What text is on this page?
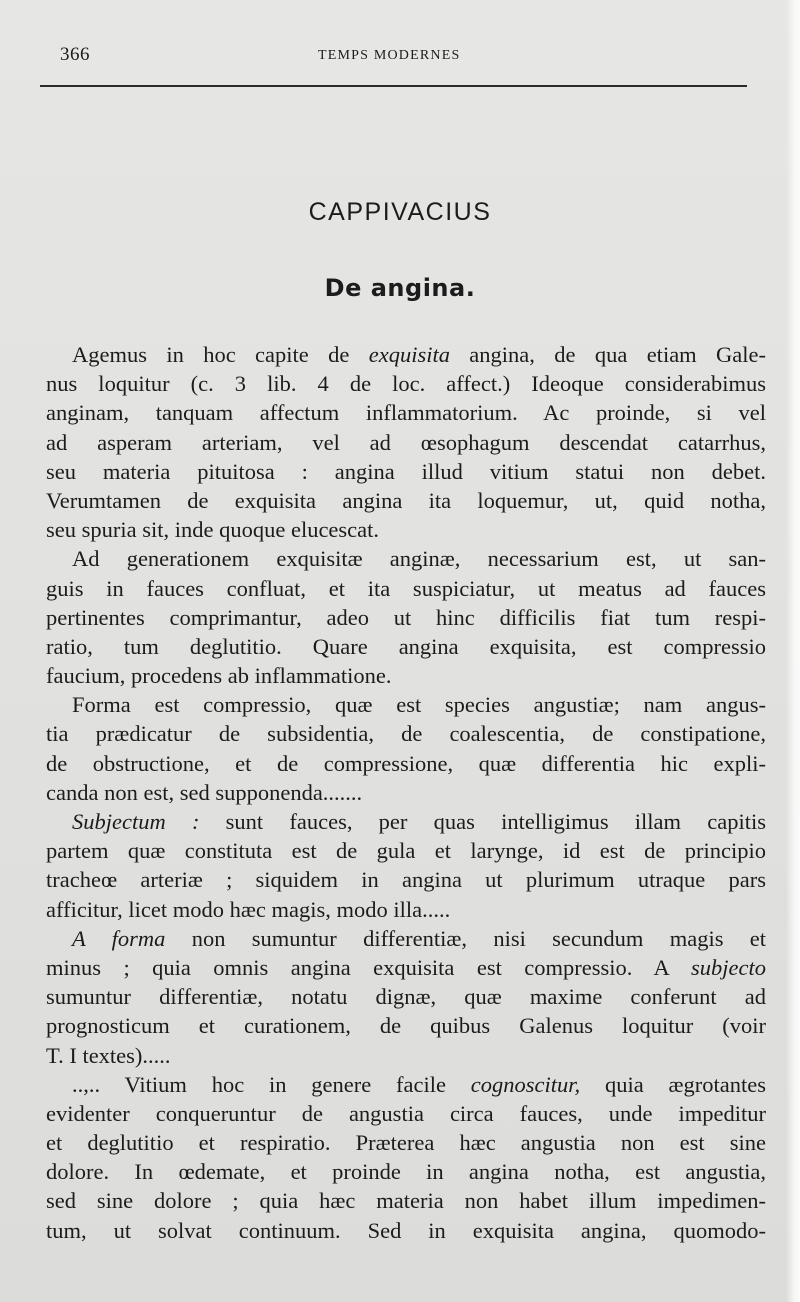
366	TEMPS MODERNES
CAPPIVACIUS
De angina.
Agemus in hoc capite de exquisita angina, de qua etiam Gale-
nus loquitur (c. 3 lib. 4 de loc. affect.) Ideoque considerabimus
anginam, tanquam affectum inflammatorium. Ac proinde, si vel
ad asperam arteriam, vel ad œsophagum descendat catarrhus,
seu materia pituitosa : angina illud vitium statui non debet.
Verumtamen de exquisita angina ita loquemur, ut, quid notha,
seu spuria sit, inde quoque elucescat.
Ad generationem exquisitæ anginæ, necessarium est, ut san-
guis in fauces confluat, et ita suspiciatur, ut meatus ad fauces
pertinentes comprimantur, adeo ut hinc difficilis fiat tum respi-
ratio, tum deglutitio. Quare angina exquisita, est compressio
faucium, procedens ab inflammatione.
Forma est compressio, quæ est species angustiæ; nam angus-
tia prædicatur de subsidentia, de coalescentia, de constipatione,
de obstructione, et de compressione, quæ differentia hic expli-
canda non est, sed supponenda.......
Subjectum : sunt fauces, per quas intelligimus illam capitis
partem quæ constituta est de gula et larynge, id est de principio
tracheœ arteriæ ; siquidem in angina ut plurimum utraque pars
afficitur, licet modo hæc magis, modo illa.....
A forma non sumuntur differentiæ, nisi secundum magis et
minus ; quia omnis angina exquisita est compressio. A subjecto
sumuntur differentiæ, notatu dignæ, quæ maxime conferunt ad
prognosticum et curationem, de quibus Galenus loquitur (voir
T. I textes).....
..,.. Vitium hoc in genere facile cognoscitur, quia ægrotantes
evidenter conqueruntur de angustia circa fauces, unde impeditur
et deglutitio et respiratio. Præterea hæc angustia non est sine
dolore. In œdemate, et proinde in angina notha, est angustia,
sed sine dolore ; quia hæc materia non habet illum impedimen-
tum, ut solvat continuum. Sed in exquisita angina, quomodo-
